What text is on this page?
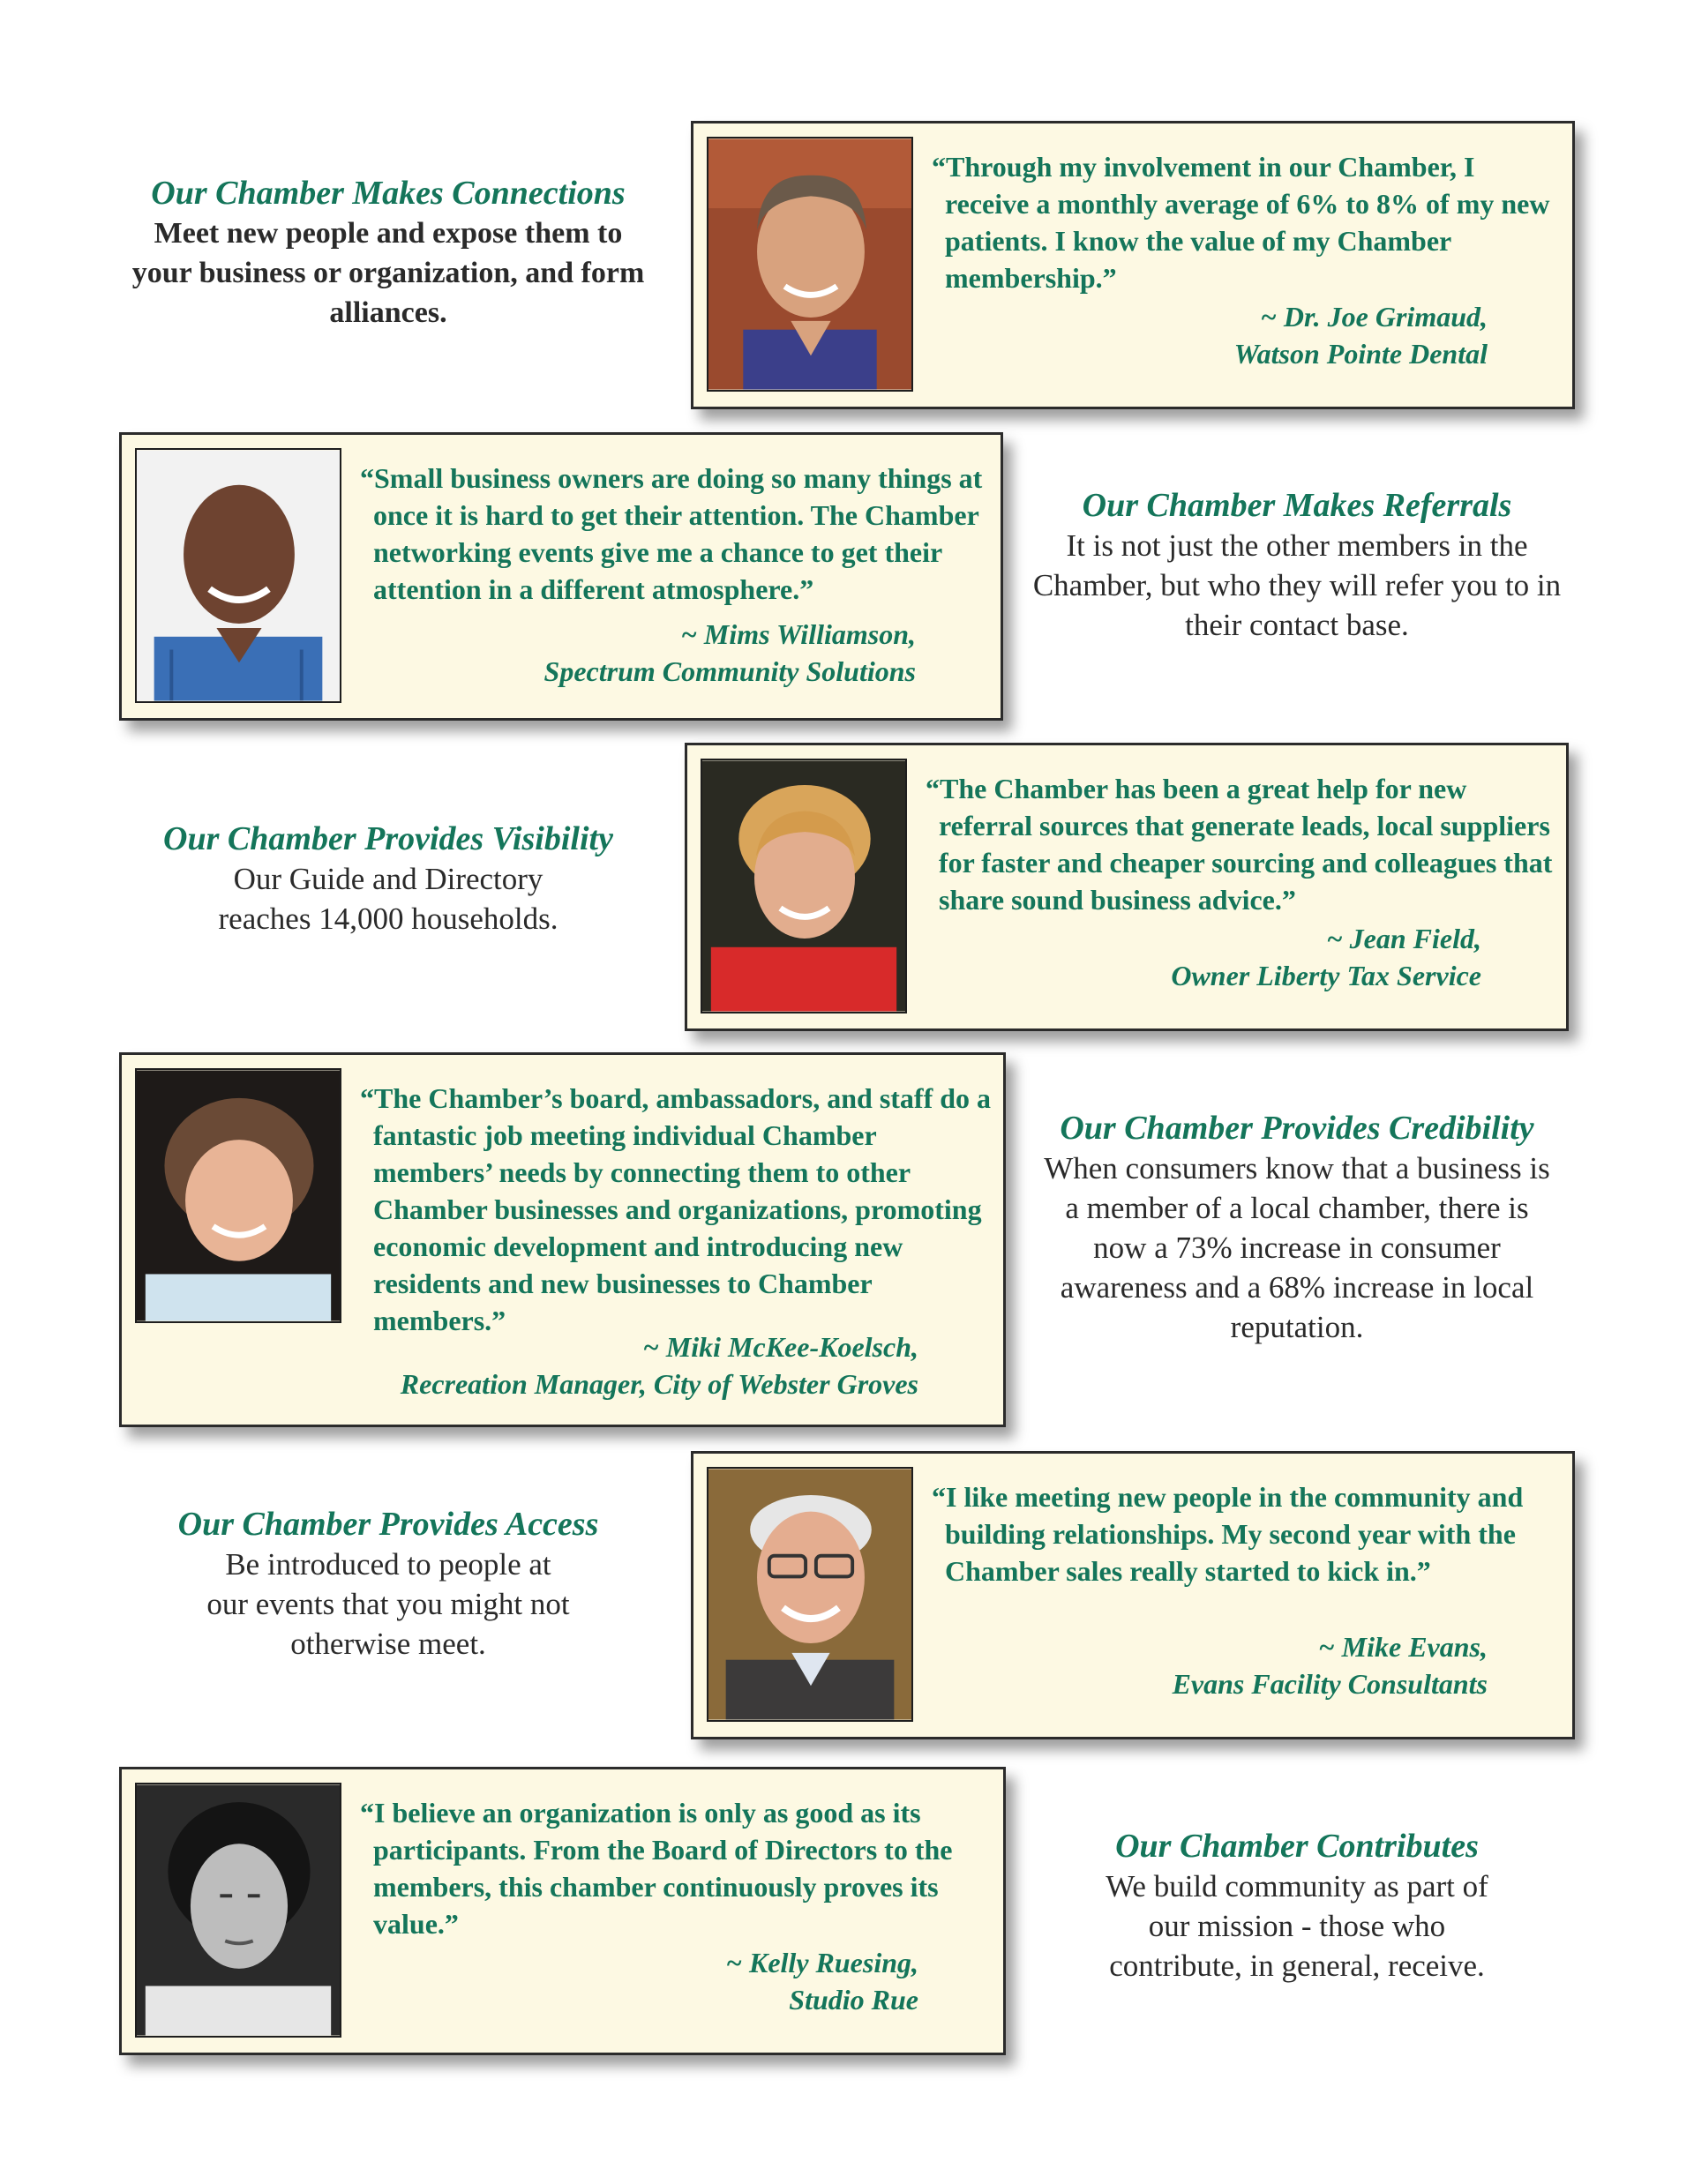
Our Chamber Makes Connections

Meet new people and expose them to your business or organization, and form alliances.

“Through my involvement in our Chamber, I receive a monthly average of 6% to 8% of my new patients. I know the value of my Chamber membership.”

~ Dr. Joe Grimaud,
Watson Pointe Dental

“Small business owners are doing so many things at once it is hard to get their attention. The Chamber networking events give me a chance to get their attention in a different atmosphere.”

~ Mims Williamson,
Spectrum Community Solutions
Our Chamber Makes Referrals

It is not just the other members in the Chamber, but who they will refer you to in their contact base.

Our Chamber Provides Visibility

Our Guide and Directory reaches 14,000 households.

“The Chamber has been a great help for new referral sources that generate leads, local suppliers for faster and cheaper sourcing and colleagues that share sound business advice.”

~ Jean Field,
Owner Liberty Tax Service

“The Chamber’s board, ambassadors, and staff do a fantastic job meeting individual Chamber members’ needs by connecting them to other Chamber businesses and organizations, promoting economic development and introducing new residents and new businesses to Chamber members.”

~ Miki McKee-Koelsch,
Recreation Manager, City of Webster Groves
Our Chamber Provides Credibility

When consumers know that a business is a member of a local chamber, there is now a 73% increase in consumer awareness and a 68% increase in local reputation.

Our Chamber Provides Access

Be introduced to people at our events that you might not otherwise meet.

“I like meeting new people in the community and building relationships. My second year with the Chamber sales really started to kick in.”

~ Mike Evans,
Evans Facility Consultants

“I believe an organization is only as good as its participants. From the Board of Directors to the members, this chamber continuously proves its value.”

~ Kelly Ruesing,
Studio Rue
Our Chamber Contributes

We build community as part of our mission - those who contribute, in general, receive.
